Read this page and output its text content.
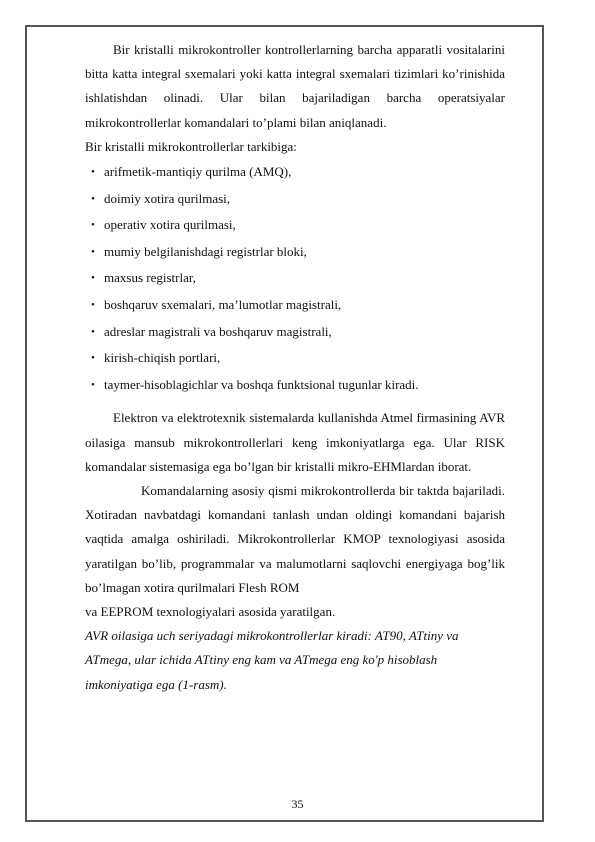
Bir kristalli mikrokontroller kontrollerlarning barcha apparatli vositalarini bitta katta integral sxemalari yoki katta integral sxemalari tizimlari ko’rinishida ishlatishdan olinadi. Ular bilan bajariladigan barcha operatsiyalar mikrokontrollerlar komandalari to’plami bilan aniqlanadi.

Bir kristalli mikrokontrollerlar tarkibiga:

• arifmetik-mantiqiy qurilma (AMQ),
• doimiy xotira qurilmasi,
• operativ xotira qurilmasi,
• mumiy belgilanishdagi registrlar bloki,
• maxsus registrlar,
• boshqaruv sxemalari, ma’lumotlar magistrali,
• adreslar magistrali va boshqaruv magistrali,
• kirish-chiqish portlari,
• taymer-hisoblagichlar va boshqa funktsional tugunlar kiradi.

Elektron va elektrotexnik sistemalarda kullanishda Atmel firmasining AVR oilasiga mansub mikrokontrollerlari keng imkoniyatlarga ega. Ular RISK komandalar sistemasiga ega bo’lgan bir kristalli mikro-EHMlardan iborat.

Komandalarning asosiy qismi mikrokontrollerda bir taktda bajariladi. Xotiradan navbatdagi komandani tanlash undan oldingi komandani bajarish vaqtida amalga oshiriladi. Mikrokontrollerlar KMOP texnologiyasi asosida yaratilgan bo’lib, programmalar va malumotlarni saqlovchi energiyaga bog’lik bo’lmagan xotira qurilmalari Flesh ROM

va EEPROM texnologiyalari asosida yaratilgan.

AVR oilasiga uch seriyadagi mikrokontrollerlar kiradi: AT90, ATtiny va ATmega, ular ichida ATtiny eng kam va ATmega eng ko'p hisoblash

imkoniyatiga ega (1-rasm).

35
